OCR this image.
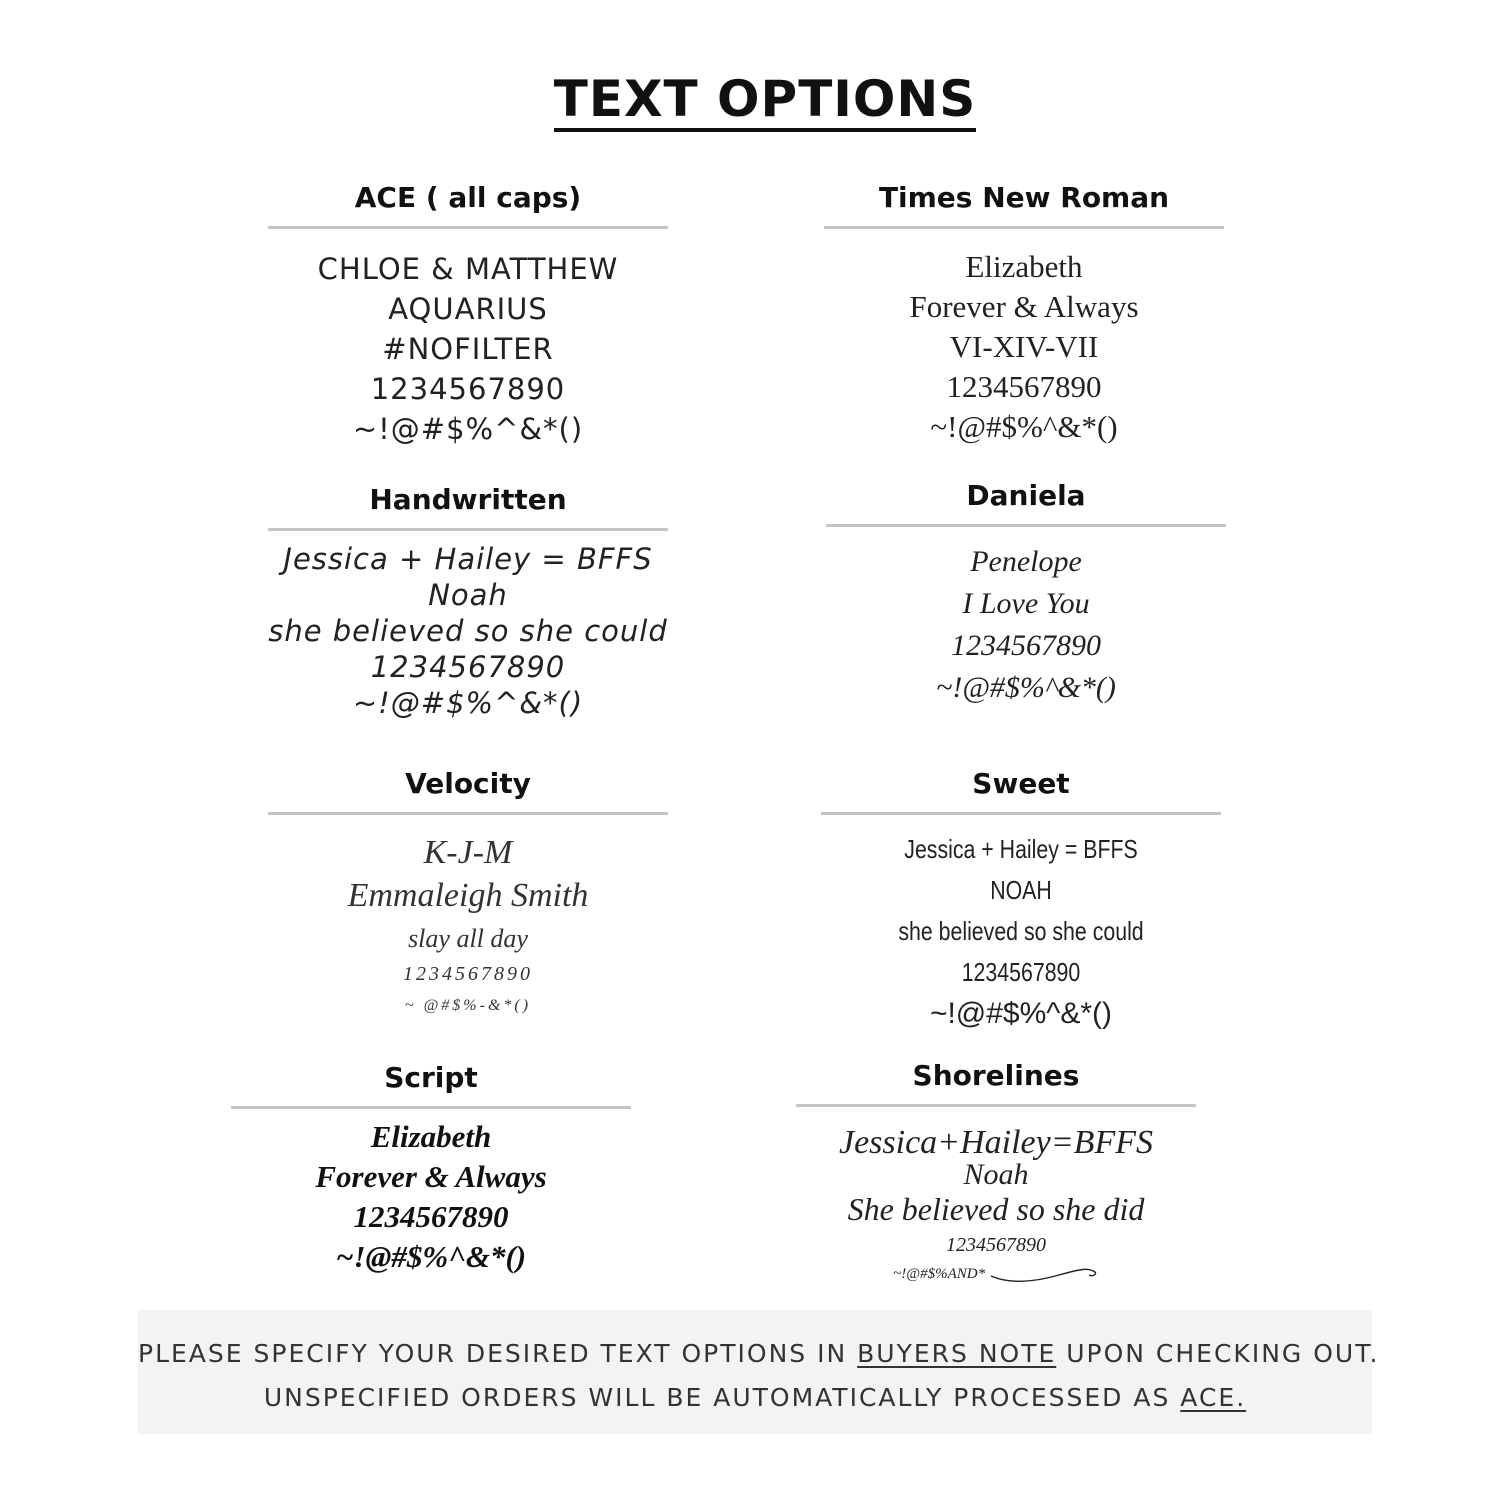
TEXT OPTIONS
ACE ( all caps)
CHLOE & MATTHEW
AQUARIUS
#NOFILTER
1234567890
~!@#$%^&*()
Times New Roman
Elizabeth
Forever & Always
VI-XIV-VII
1234567890
~!@#$%^&*()
Handwritten
Jessica + Hailey = BFFS
Noah
she believed so she could
1234567890
~!@#$%^&*()
Daniela
Penelope
I Love You
1234567890
~!@#$%^&*()
Velocity
K-J-M
Emmaleigh Smith
slay all day
1234567890
~ @#$%-&*()
Sweet
Jessica + Hailey = BFFS
NOAH
she believed so she could
1234567890
~!@#$%^&*()
Script
Elizabeth
Forever & Always
1234567890
~!@#$%^&*()
Shorelines
Jessica+Hailey=BFFS
Noah
She believed so she did
1234567890
~!@#$%AND*
PLEASE SPECIFY YOUR DESIRED TEXT OPTIONS IN BUYERS NOTE UPON CHECKING OUT.
UNSPECIFIED ORDERS WILL BE AUTOMATICALLY PROCESSED AS ACE.
